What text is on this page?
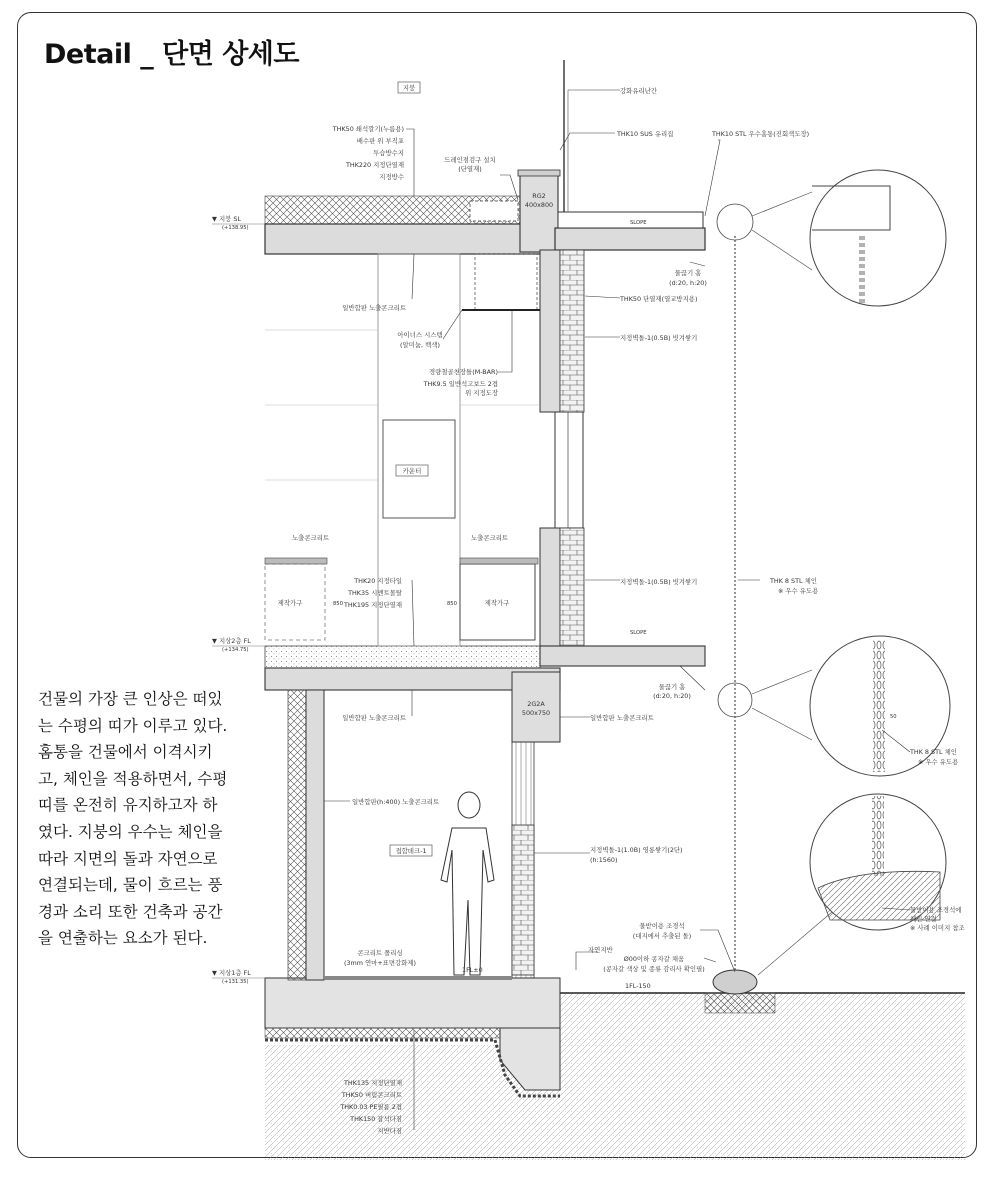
Detail _ 단면 상세도
건물의 가장 큰 인상은 떠있
는 수평의 띠가 이루고 있다.
홈통을 건물에서 이격시키
고, 체인을 적용하면서, 수평
띠를 온전히 유지하고자 하
였다. 지붕의 우수는 체인을
따라 지면의 돌과 자연으로
연결되는데, 물이 흐르는 풍
경과 소리 또한 건축과 공간
을 연출하는 요소가 된다.
지붕
카운터
접합데크-1
자연지반
▼ 지붕 SL
(+138.95)
▼ 지상2층 FL
(+134.75)
▼ 지상1층 FL
(+131.35)
1FL±0
1FL-150
THK50 쇄석깔기(누름용)
배수판 위 부직포
투습방수지
THK220 지정단열재
지정방수
강화유리난간
드레인점검구 설치
(단열재)
THK10 SUS 유리집	THK10 STL 우수홈통(진회색도장)
RG2
400x800
SLOPE
물끊기 홈
(d:20, h:20)
THK50 단열재(열교방지용)
일반합판 노출콘크리트
아이너스 시스템
(알미늄, 백색)
지정벽돌-1(0.5B) 빗겨쌓기
경량철골천장틀(M-BAR)
THK9.5 일반석고보드 2겹
위 지정도장
노출콘크리트	노출콘크리트
THK20 지정타일
THK35 시멘트몰탈
THK195 지정단열재
제작가구	제작가구
850	850
지정벽돌-1(0.5B) 빗겨쌓기	THK 8 STL 체인
※ 우수 유도용
SLOPE
물끊기 홈
(d:20, h:20)
2G2A
500x750
일반합판 노출콘크리트	일반합판 노출콘크리트
일반합판(h:400) 노출콘크리트
지정벽돌-1(1.0B) 영롱쌓기(2단)
(h:1560)
THK 8 STL 체인
※ 우수 유도용
50
콘크리트 폴리싱
(3mm 연마+표면강화제)
물받이용 조경석
(대지에서 추출된 돌)
Ø00이하 콩자갈 채움
(콩자갈 색상 및 종류 감리사 확인필)
물받이용 조경석에
체인 연결
※ 사례 이미지 참조
THK135 지정단열재
THK50 버림콘크리트
THK0.03 PE필름 2겹
THK150 잡석다짐
지반다짐
